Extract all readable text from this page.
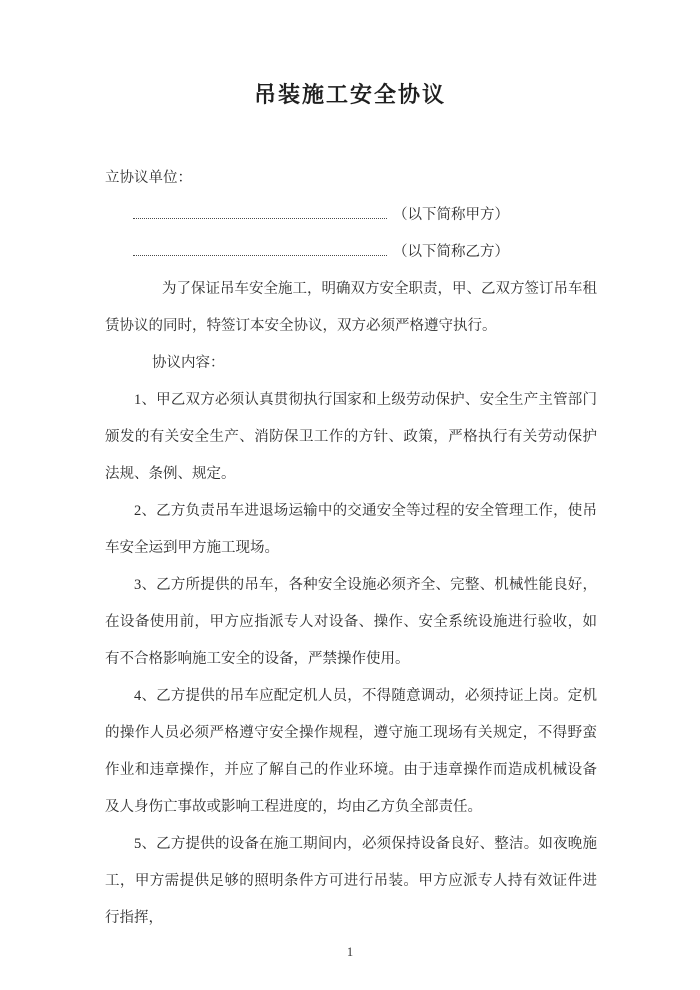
吊装施工安全协议

立协议单位：

（以下简称甲方）

（以下简称乙方）

为了保证吊车安全施工，明确双方安全职责，甲、乙双方签订吊车租赁协议的同时，特签订本安全协议，双方必须严格遵守执行。

协议内容：

1、甲乙双方必须认真贯彻执行国家和上级劳动保护、安全生产主管部门颁发的有关安全生产、消防保卫工作的方针、政策，严格执行有关劳动保护法规、条例、规定。

2、乙方负责吊车进退场运输中的交通安全等过程的安全管理工作，使吊车安全运到甲方施工现场。

3、乙方所提供的吊车，各种安全设施必须齐全、完整、机械性能良好，在设备使用前，甲方应指派专人对设备、操作、安全系统设施进行验收，如有不合格影响施工安全的设备，严禁操作使用。

4、乙方提供的吊车应配定机人员，不得随意调动，必须持证上岗。定机的操作人员必须严格遵守安全操作规程，遵守施工现场有关规定，不得野蛮作业和违章操作，并应了解自己的作业环境。由于违章操作而造成机械设备及人身伤亡事故或影响工程进度的，均由乙方负全部责任。

5、乙方提供的设备在施工期间内，必须保持设备良好、整洁。如夜晚施工，甲方需提供足够的照明条件方可进行吊装。甲方应派专人持有效证件进行指挥，

1
